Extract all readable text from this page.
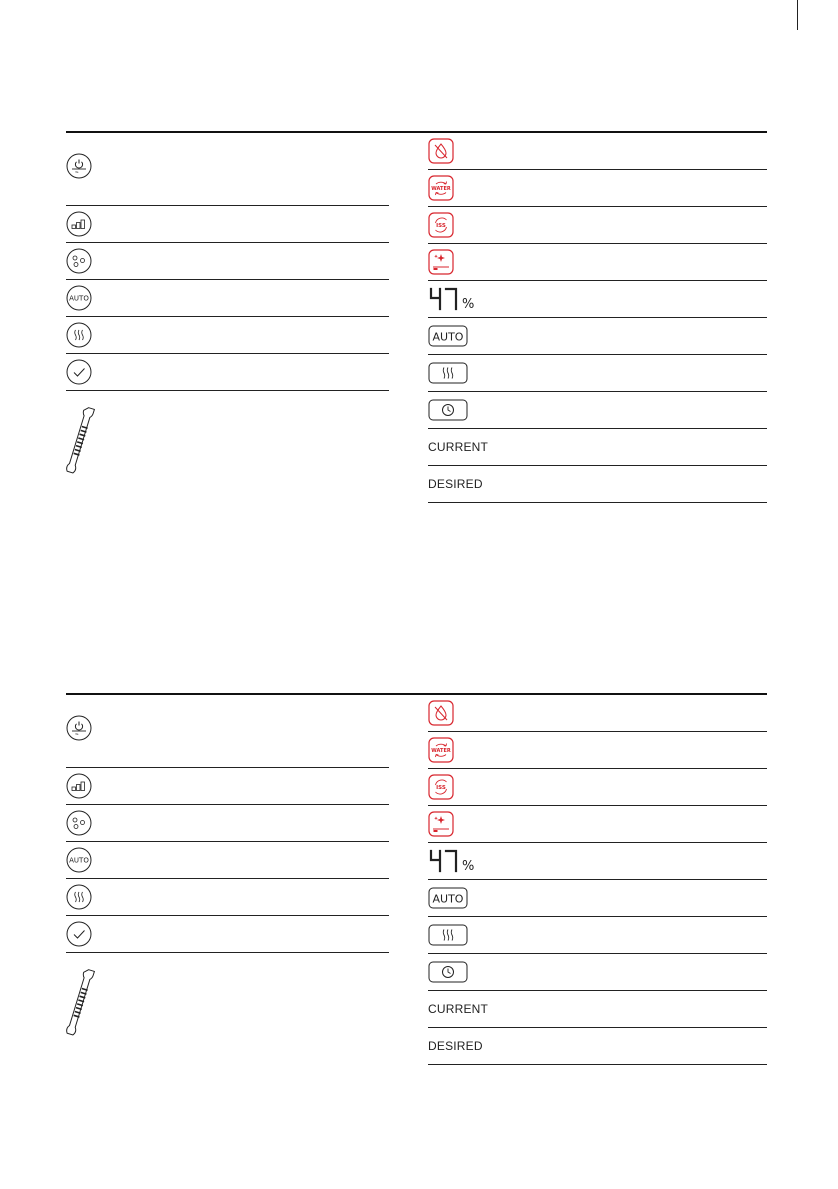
3s
AUTO
WATER
ISS
%
AUTO
CURRENT
DESIRED
3s
AUTO
WATER
ISS
%
AUTO
CURRENT
DESIRED
